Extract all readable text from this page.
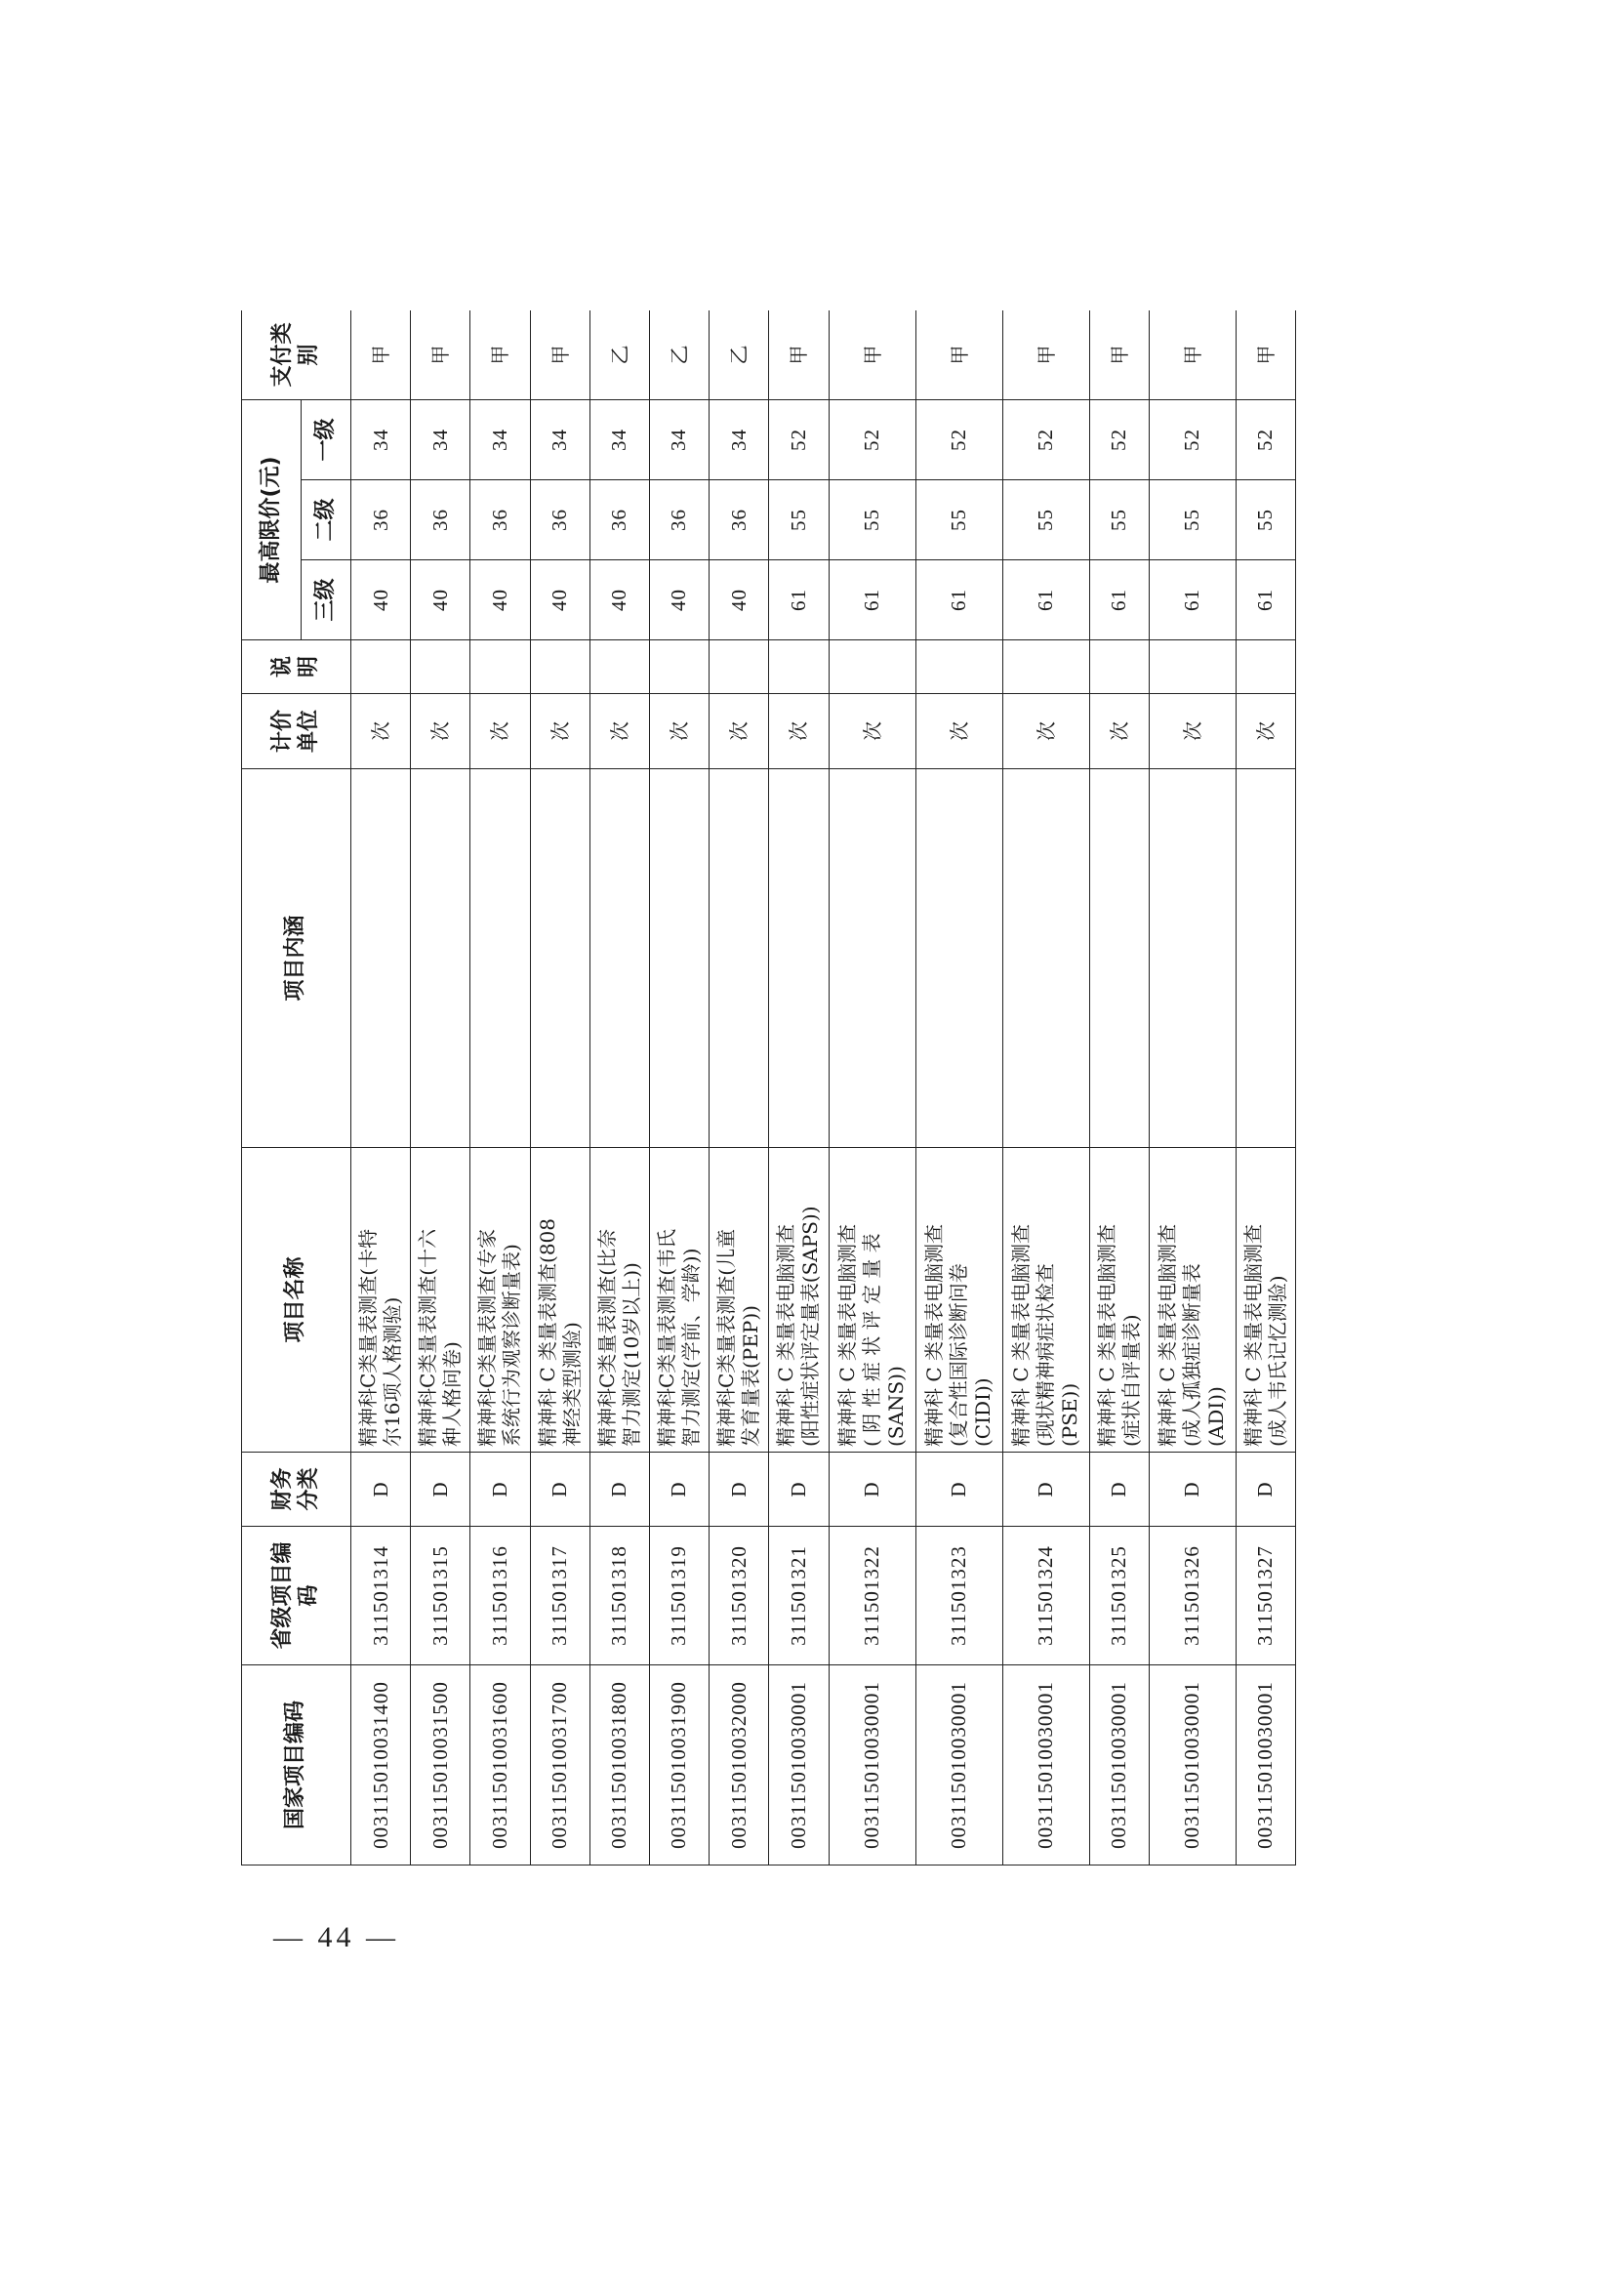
国家项目编码	省级项目编码	财务分类	项目名称	项目内涵	计价单位	说明	最高限价(元)			支付类别
							三级	二级	一级	
003115010031400	311501314	D	精神科C类量表测查(卡特 尔16项人格测验)		次		40	36	34	甲
003115010031500	311501315	D	精神科C类量表测查(十六 种人格问卷)		次		40	36	34	甲
003115010031600	311501316	D	精神科C类量表测查(专家 系统行为观察诊断量表)		次		40	36	34	甲
003115010031700	311501317	D	精神科 C 类量表测查(808 神经类型测验)		次		40	36	34	甲
003115010031800	311501318	D	精神科C类量表测查(比奈 智力测定(10岁以上))		次		40	36	34	乙
003115010031900	311501319	D	精神科C类量表测查(韦氏 智力测定(学前、学龄))		次		40	36	34	乙
003115010032000	311501320	D	精神科C类量表测查(儿童 发育量表(PEP))		次		40	36	34	乙
003115010030001	311501321	D	精神科 C 类量表电脑测查 (阳性症状评定量表(SAPS))		次		61	55	52	甲
003115010030001	311501322	D	精神科 C 类量表电脑测查 ( 阴 性 症 状 评 定 量 表 (SANS))		次		61	55	52	甲
003115010030001	311501323	D	精神科 C 类量表电脑测查 (复合性国际诊断问卷 (CIDI))		次		61	55	52	甲
003115010030001	311501324	D	精神科 C 类量表电脑测查 (现状精神病症状检查 (PSE))		次		61	55	52	甲
003115010030001	311501325	D	精神科 C 类量表电脑测查 (症状自评量表)		次		61	55	52	甲
003115010030001	311501326	D	精神科 C 类量表电脑测查 (成人孤独症诊断量表 (ADI))		次		61	55	52	甲
003115010030001	311501327	D	精神科 C 类量表电脑测查 (成人韦氏记忆测验)		次		61	55	52	甲
— 44 —
